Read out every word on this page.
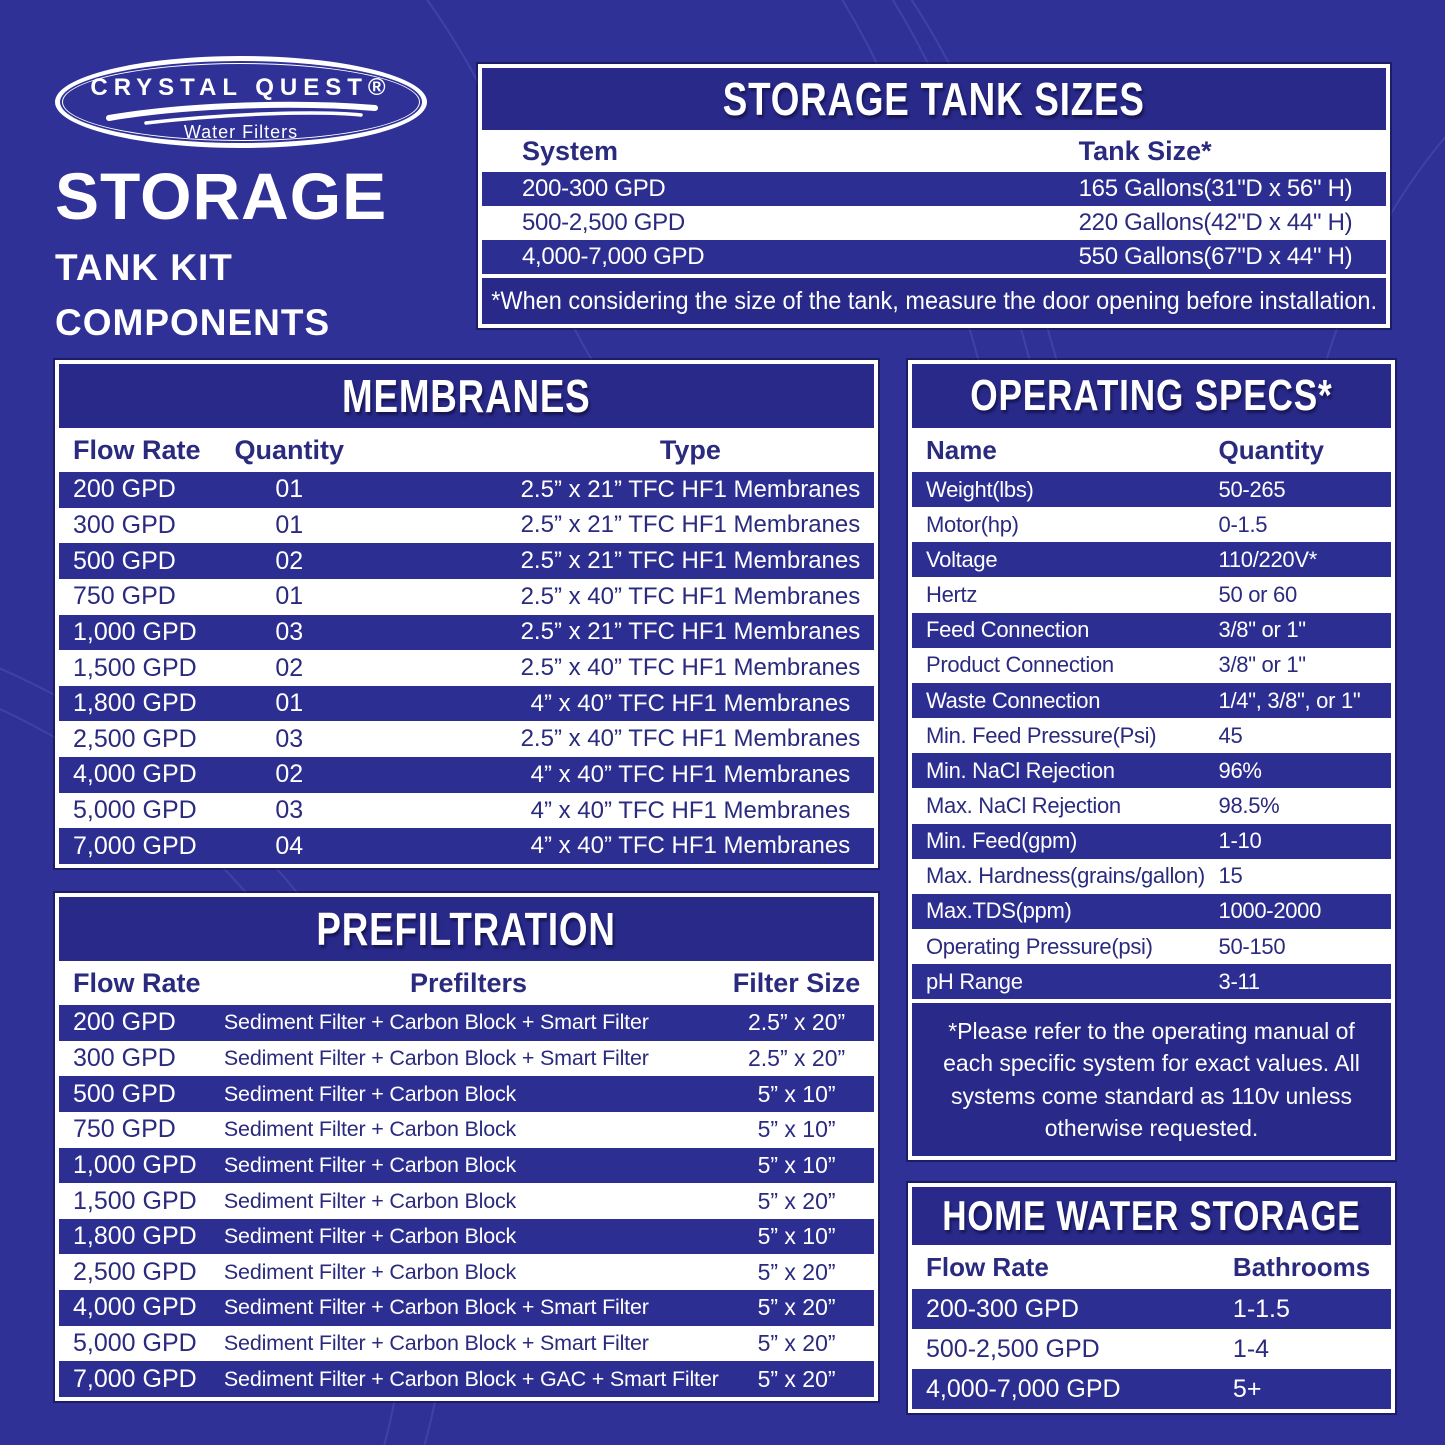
CRYSTAL QUEST®
Water Filters
STORAGE
TANK KIT
COMPONENTS
STORAGE TANK SIZES
System	Tank Size*
200-300 GPD	165 Gallons(31"D x 56" H)
500-2,500 GPD	220 Gallons(42"D x 44" H)
4,000-7,000 GPD	550 Gallons(67"D x 44" H)
*When considering the size of the tank, measure the door opening before installation.
MEMBRANES
Flow Rate	Quantity	Type
200 GPD	01	2.5” x 21” TFC HF1 Membranes
300 GPD	01	2.5” x 21” TFC HF1 Membranes
500 GPD	02	2.5” x 21” TFC HF1 Membranes
750 GPD	01	2.5” x 40” TFC HF1 Membranes
1,000 GPD	03	2.5” x 21” TFC HF1 Membranes
1,500 GPD	02	2.5” x 40” TFC HF1 Membranes
1,800 GPD	01	4” x 40” TFC HF1 Membranes
2,500 GPD	03	2.5” x 40” TFC HF1 Membranes
4,000 GPD	02	4” x 40” TFC HF1 Membranes
5,000 GPD	03	4” x 40” TFC HF1 Membranes
7,000 GPD	04	4” x 40” TFC HF1 Membranes
OPERATING SPECS*
Name	Quantity
Weight(lbs)	50-265
Motor(hp)	0-1.5
Voltage	110/220V*
Hertz	50 or 60
Feed Connection	3/8" or 1"
Product Connection	3/8" or 1"
Waste Connection	1/4", 3/8", or 1"
Min. Feed Pressure(Psi)	45
Min. NaCl Rejection	96%
Max. NaCl Rejection	98.5%
Min. Feed(gpm)	1-10
Max. Hardness(grains/gallon) 15
Max.TDS(ppm)	1000-2000
Operating Pressure(psi)	50-150
pH Range	3-11
*Please refer to the operating manual of each specific system for exact values. All systems come standard as 110v unless otherwise requested.
PREFILTRATION
Flow Rate	Prefilters	Filter Size
200 GPD	Sediment Filter + Carbon Block + Smart Filter	2.5” x 20”
300 GPD	Sediment Filter + Carbon Block + Smart Filter	2.5” x 20”
500 GPD	Sediment Filter + Carbon Block	5” x 10”
750 GPD	Sediment Filter + Carbon Block	5” x 10”
1,000 GPD	Sediment Filter + Carbon Block	5” x 10”
1,500 GPD	Sediment Filter + Carbon Block	5” x 20”
1,800 GPD	Sediment Filter + Carbon Block	5” x 10”
2,500 GPD	Sediment Filter + Carbon Block	5” x 20”
4,000 GPD	Sediment Filter + Carbon Block + Smart Filter	5” x 20”
5,000 GPD	Sediment Filter + Carbon Block + Smart Filter	5” x 20”
7,000 GPD	Sediment Filter + Carbon Block + GAC + Smart Filter	5” x 20”
HOME WATER STORAGE
Flow Rate	Bathrooms
200-300 GPD	1-1.5
500-2,500 GPD	1-4
4,000-7,000 GPD	5+
